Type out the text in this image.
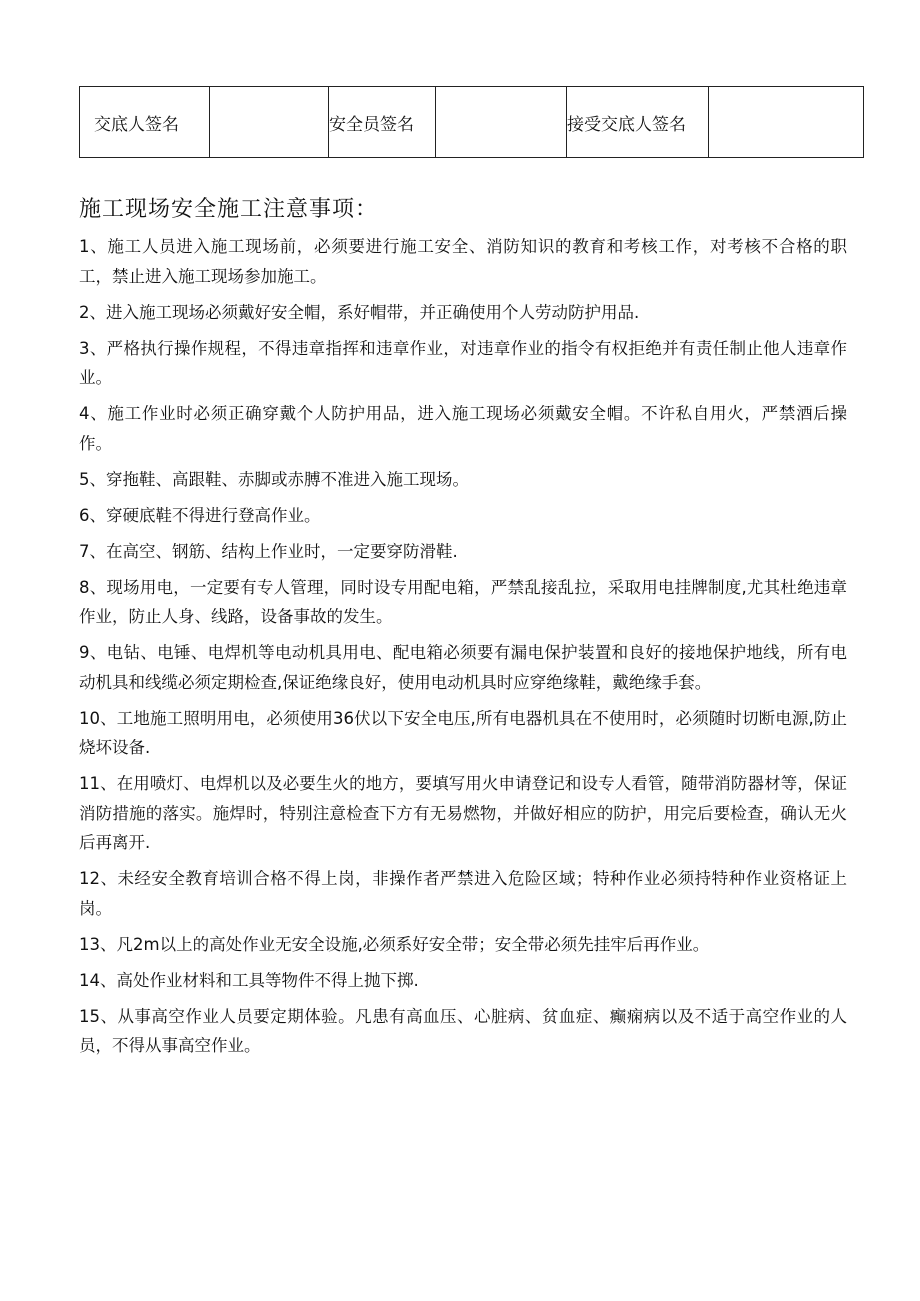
交底人签名		安全员签名		接受交底人签名	
施工现场安全施工注意事项：

1、施工人员进入施工现场前，必须要进行施工安全、消防知识的教育和考核工作，对考核不合格的职工，禁止进入施工现场参加施工。

2、进入施工现场必须戴好安全帽，系好帽带，并正确使用个人劳动防护用品.

3、严格执行操作规程，不得违章指挥和违章作业，对违章作业的指令有权拒绝并有责任制止他人违章作业。

4、施工作业时必须正确穿戴个人防护用品，进入施工现场必须戴安全帽。不许私自用火，严禁酒后操作。

5、穿拖鞋、高跟鞋、赤脚或赤膊不准进入施工现场。

6、穿硬底鞋不得进行登高作业。

7、在高空、钢筋、结构上作业时，一定要穿防滑鞋.

8、现场用电，一定要有专人管理，同时设专用配电箱，严禁乱接乱拉，采取用电挂牌制度,尤其杜绝违章作业，防止人身、线路，设备事故的发生。

9、电钻、电锤、电焊机等电动机具用电、配电箱必须要有漏电保护装置和良好的接地保护地线，所有电动机具和线缆必须定期检查,保证绝缘良好，使用电动机具时应穿绝缘鞋，戴绝缘手套。

10、工地施工照明用电，必须使用36伏以下安全电压,所有电器机具在不使用时，必须随时切断电源,防止烧坏设备.

11、在用喷灯、电焊机以及必要生火的地方，要填写用火申请登记和设专人看管，随带消防器材等，保证消防措施的落实。施焊时，特别注意检查下方有无易燃物，并做好相应的防护，用完后要检查，确认无火后再离开.

12、未经安全教育培训合格不得上岗，非操作者严禁进入危险区域；特种作业必须持特种作业资格证上岗。

13、凡2m以上的高处作业无安全设施,必须系好安全带；安全带必须先挂牢后再作业。

14、高处作业材料和工具等物件不得上抛下掷.

15、从事高空作业人员要定期体验。凡患有高血压、心脏病、贫血症、癫痫病以及不适于高空作业的人员，不得从事高空作业。
